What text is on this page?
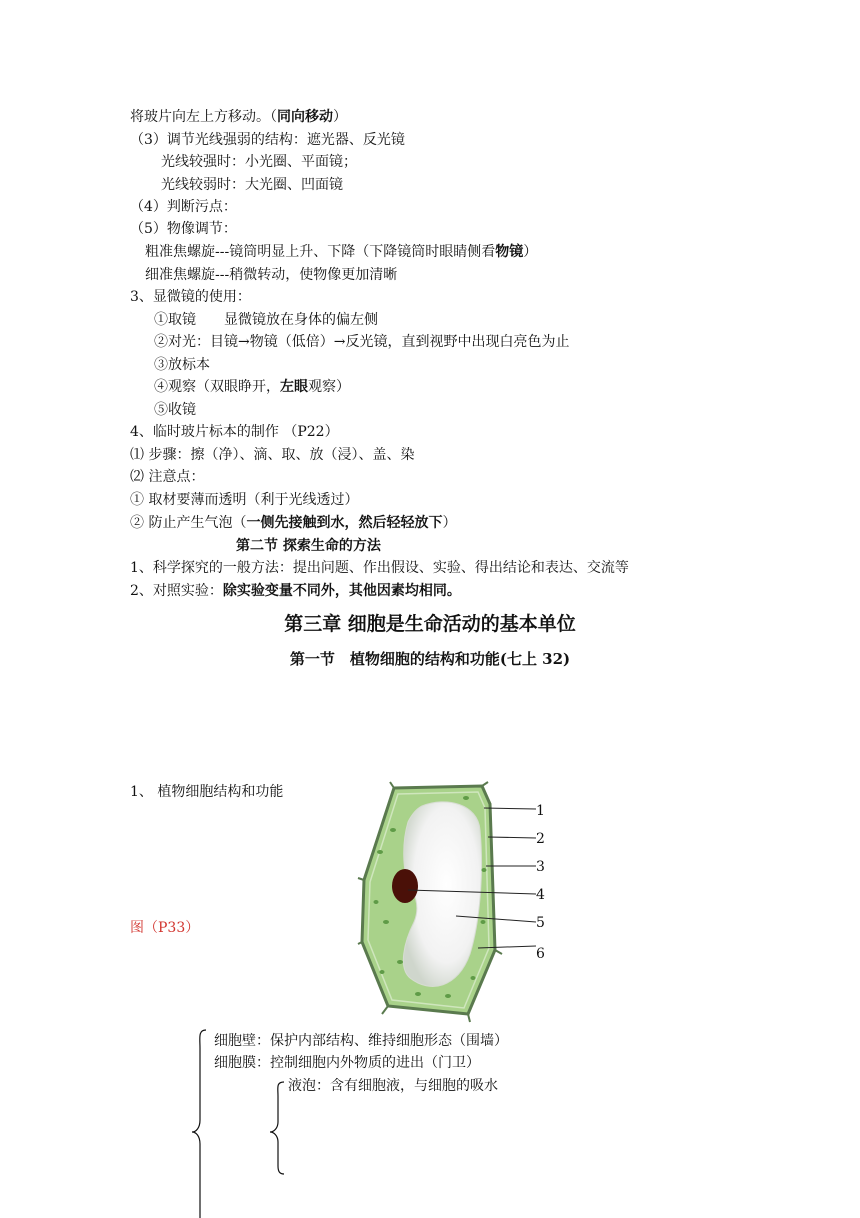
将玻片向左上方移动。（同向移动）
（3）调节光线强弱的结构：遮光器、反光镜
光线较强时：小光圈、平面镜；
光线较弱时：大光圈、凹面镜
（4）判断污点：
（5）物像调节：
粗准焦螺旋---镜筒明显上升、下降（下降镜筒时眼睛侧看物镜）
细准焦螺旋---稍微转动，使物像更加清晰
3、显微镜的使用：
①取镜　　显微镜放在身体的偏左侧
②对光：目镜→物镜（低倍）→反光镜，直到视野中出现白亮色为止
③放标本
④观察（双眼睁开，左眼观察）
⑤收镜
4、临时玻片标本的制作 （P22）
⑴ 步骤：擦（净）、滴、取、放（浸）、盖、染
⑵ 注意点：
① 取材要薄而透明（利于光线透过）
② 防止产生气泡（一侧先接触到水，然后轻轻放下）
第二节 探索生命的方法
1、科学探究的一般方法：提出问题、作出假设、实验、得出结论和表达、交流等
2、对照实验：除实验变量不同外，其他因素均相同。
第三章 细胞是生命活动的基本单位
第一节　植物细胞的结构和功能(七上 32)
1、 植物细胞结构和功能
图（P33）
1
2
3
4
5
6
细胞壁：保护内部结构、维持细胞形态（围墙）
细胞膜：控制细胞内外物质的进出（门卫）
液泡：含有细胞液，与细胞的吸水
